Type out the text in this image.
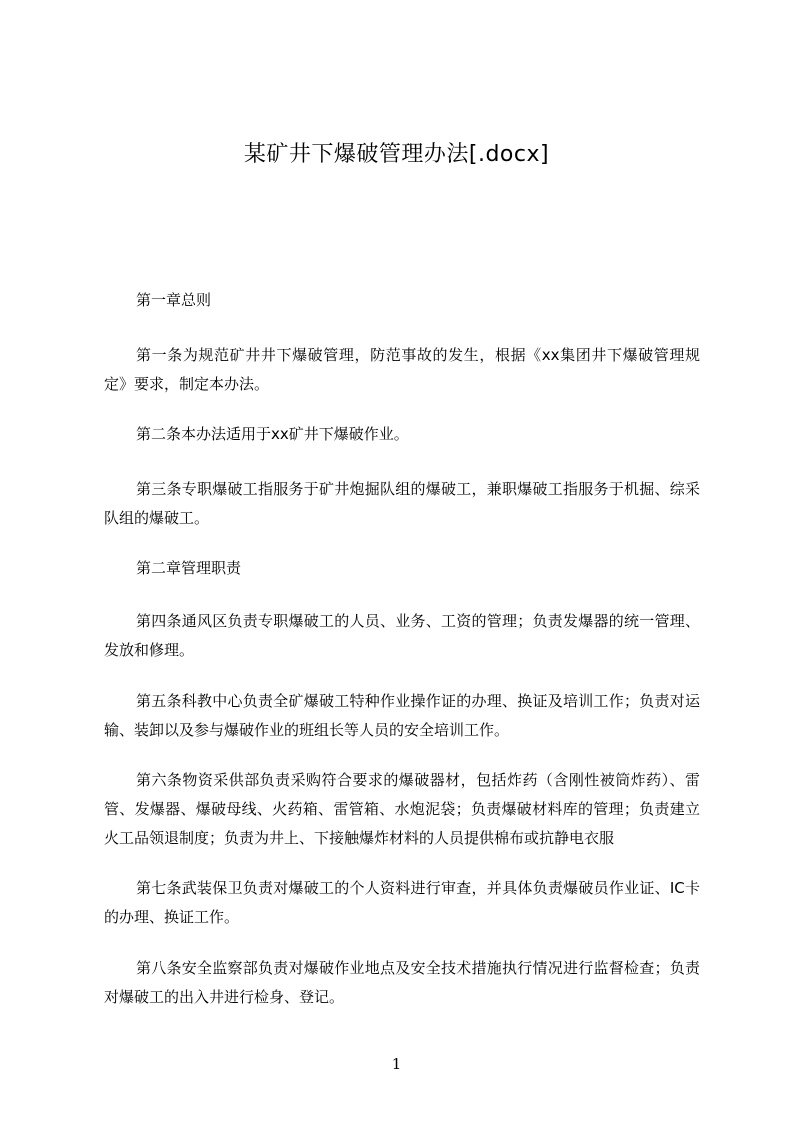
某矿井下爆破管理办法[.docx]
第一章总则
第一条为规范矿井井下爆破管理，防范事故的发生，根据《xx集团井下爆破管理规定》要求，制定本办法。
第二条本办法适用于xx矿井下爆破作业。
第三条专职爆破工指服务于矿井炮掘队组的爆破工，兼职爆破工指服务于机掘、综采队组的爆破工。
第二章管理职责
第四条通风区负责专职爆破工的人员、业务、工资的管理；负责发爆器的统一管理、发放和修理。
第五条科教中心负责全矿爆破工特种作业操作证的办理、换证及培训工作；负责对运输、装卸以及参与爆破作业的班组长等人员的安全培训工作。
第六条物资采供部负责采购符合要求的爆破器材，包括炸药（含刚性被筒炸药）、雷管、发爆器、爆破母线、火药箱、雷管箱、水炮泥袋；负责爆破材料库的管理；负责建立火工品领退制度；负责为井上、下接触爆炸材料的人员提供棉布或抗静电衣服
第七条武装保卫负责对爆破工的个人资料进行审查，并具体负责爆破员作业证、IC卡的办理、换证工作。
第八条安全监察部负责对爆破作业地点及安全技术措施执行情况进行监督检查；负责对爆破工的出入井进行检身、登记。
1
